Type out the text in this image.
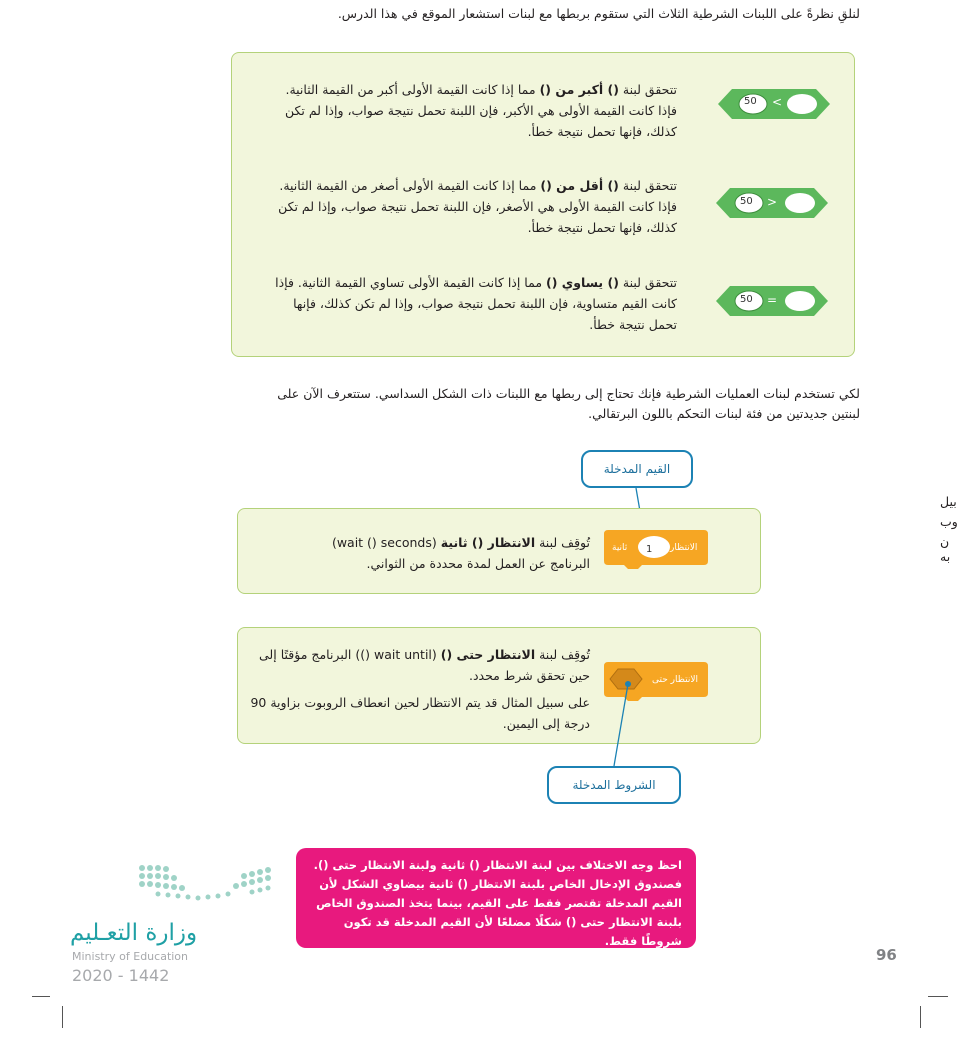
لنلقِ نظرةً على اللبنات الشرطية الثلاث التي ستقوم بربطها مع لبنات استشعار الموقع في هذا الدرس.
50 <
تتحقق لبنة () أكبر من () مما إذا كانت القيمة الأولى أكبر من القيمة الثانية. فإذا كانت القيمة الأولى هي الأكبر، فإن اللبنة تحمل نتيجة صواب، وإذا لم تكن كذلك، فإنها تحمل نتيجة خطأ.
50 >
تتحقق لبنة () أقل من () مما إذا كانت القيمة الأولى أصغر من القيمة الثانية. فإذا كانت القيمة الأولى هي الأصغر، فإن اللبنة تحمل نتيجة صواب، وإذا لم تكن كذلك، فإنها تحمل نتيجة خطأ.
50 =
تتحقق لبنة () يساوي () مما إذا كانت القيمة الأولى تساوي القيمة الثانية. فإذا كانت القيم متساوية، فإن اللبنة تحمل نتيجة صواب، وإذا لم تكن كذلك، فإنها تحمل نتيجة خطأ.
لكي تستخدم لبنات العمليات الشرطية فإنك تحتاج إلى ربطها مع اللبنات ذات الشكل السداسي. ستتعرف الآن على لبنتين جديدتين من فئة لبنات التحكم باللون البرتقالي.
القيم المدخلة
1 الانتظار
ثانية
تُوقِف لبنة الانتظار () ثانية (wait () seconds) البرنامج عن العمل لمدة محددة من الثواني.
الانتظار حتى
تُوقِف لبنة الانتظار حتى () (wait until ()) البرنامج مؤقتًا إلى حين تحقق شرط محدد.
على سبيل المثال قد يتم الانتظار لحين انعطاف الروبوت بزاوية 90 درجة إلى اليمين.
الشروط المدخلة
احظ وجه الاختلاف بين لبنة الانتظار () ثانية ولبنة الانتظار حتى (). فصندوق الإدخال الخاص بلبنة الانتظار () ثانية بيضاوي الشكل لأن القيم المدخلة تقتصر فقط على القيم، بينما يتخذ الصندوق الخاص بلبنة الانتظار حتى () شكلًا مضلعًا لأن القيم المدخلة قد تكون شروطًا فقط.
وزارة التعـليم
Ministry of Education
2020 - 1442
96
بيل
وب
ن به
